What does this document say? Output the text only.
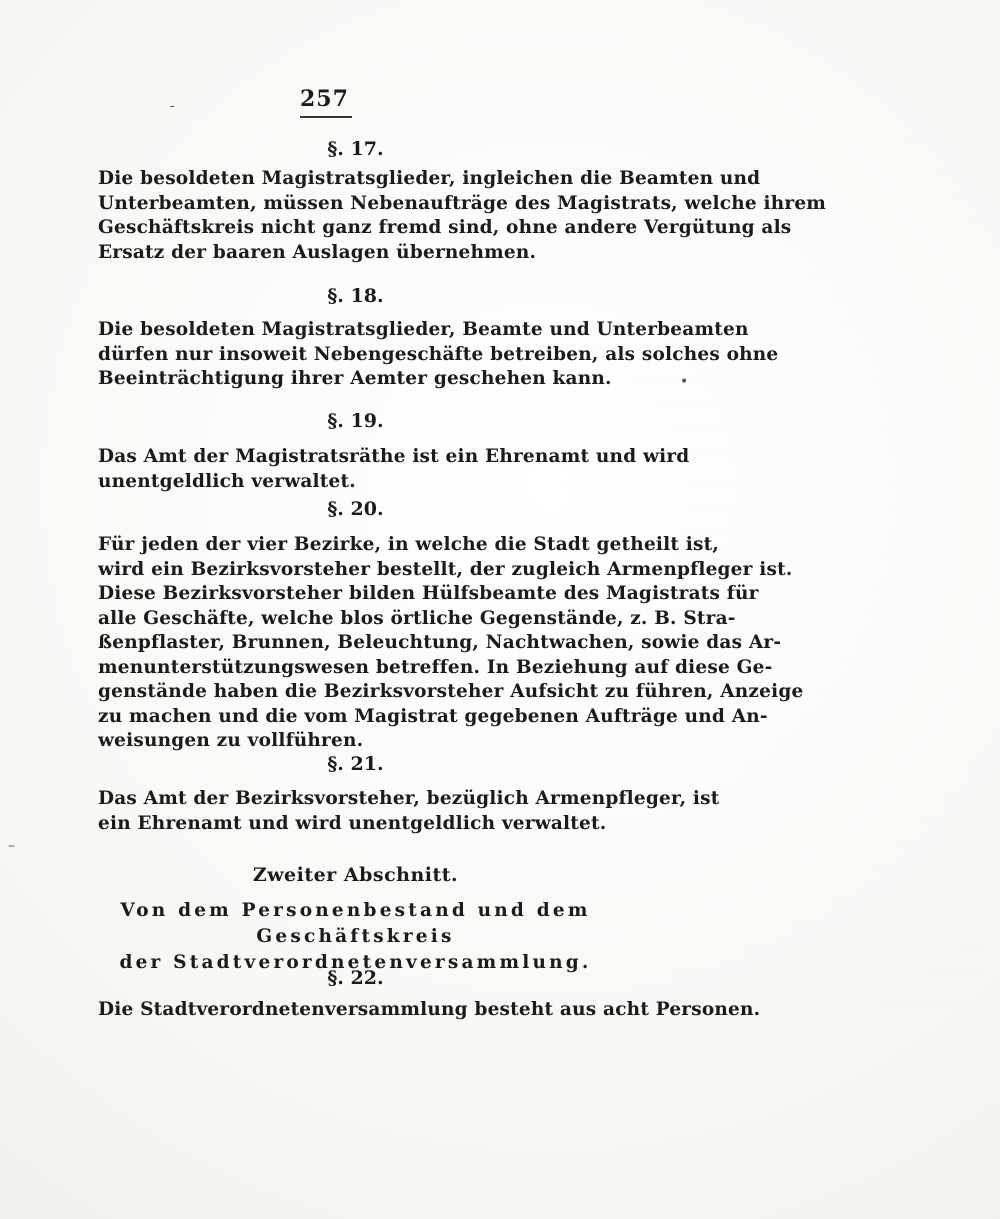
-
•
–
257
§. 17.
Die besoldeten Magistratsglieder, ingleichen die Beamten und
Unterbeamten, müssen Nebenaufträge des Magistrats, welche ihrem
Geschäftskreis nicht ganz fremd sind, ohne andere Vergütung als
Ersatz der baaren Auslagen übernehmen.
§. 18.
Die besoldeten Magistratsglieder, Beamte und Unterbeamten
dürfen nur insoweit Nebengeschäfte betreiben, als solches ohne
Beeinträchtigung ihrer Aemter geschehen kann.
§. 19.
Das Amt der Magistratsräthe ist ein Ehrenamt und wird
unentgeldlich verwaltet.
§. 20.
Für jeden der vier Bezirke, in welche die Stadt getheilt ist,
wird ein Bezirksvorsteher bestellt, der zugleich Armenpfleger ist.
Diese Bezirksvorsteher bilden Hülfsbeamte des Magistrats für
alle Geschäfte, welche blos örtliche Gegenstände, z. B. Stra-
ßenpflaster, Brunnen, Beleuchtung, Nachtwachen, sowie das Ar-
menunterstützungswesen betreffen. In Beziehung auf diese Ge-
genstände haben die Bezirksvorsteher Aufsicht zu führen, Anzeige
zu machen und die vom Magistrat gegebenen Aufträge und An-
weisungen zu vollführen.
§. 21.
Das Amt der Bezirksvorsteher, bezüglich Armenpfleger, ist
ein Ehrenamt und wird unentgeldlich verwaltet.
Zweiter Abschnitt.
Von dem Personenbestand und dem Geschäftskreis
der Stadtverordnetenversammlung.
§. 22.
Die Stadtverordnetenversammlung besteht aus acht Personen.
